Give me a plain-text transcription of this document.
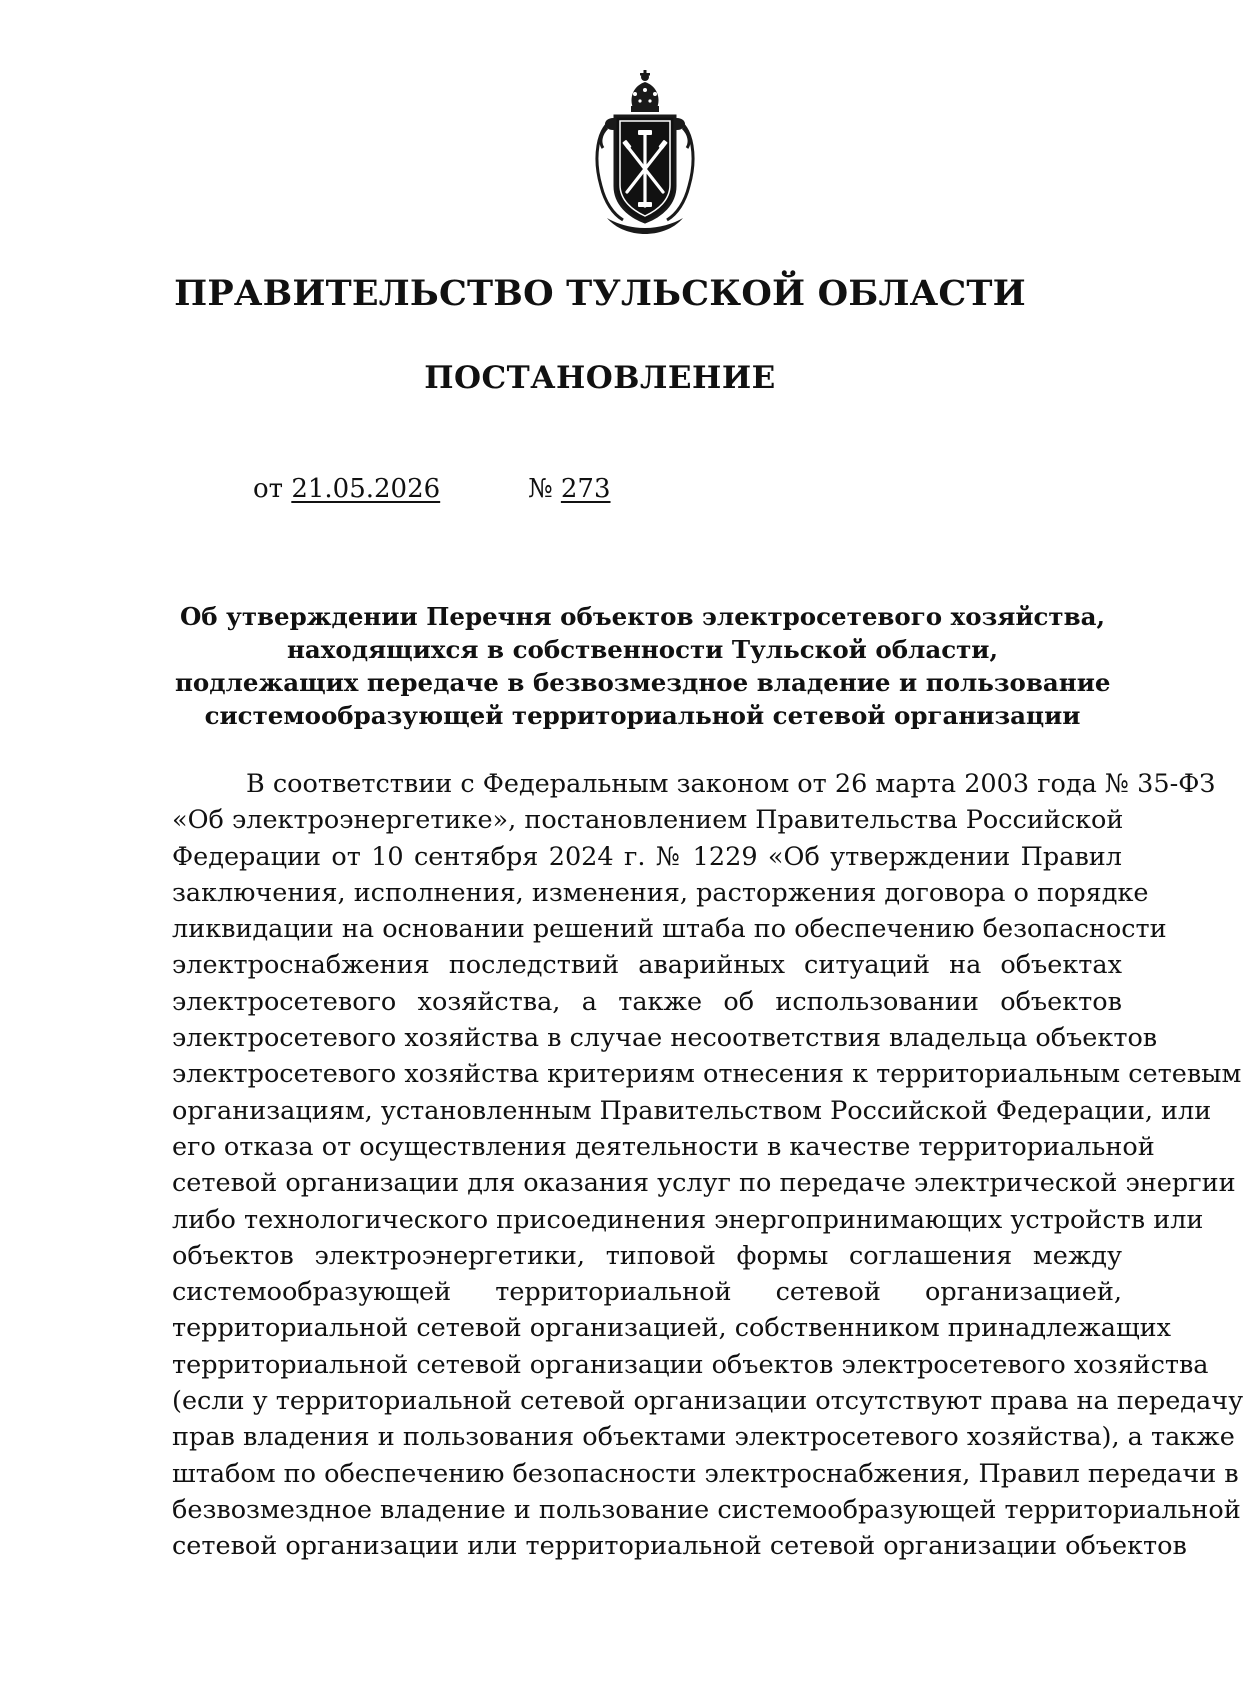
ПРАВИТЕЛЬСТВО ТУЛЬСКОЙ ОБЛАСТИ
ПОСТАНОВЛЕНИЕ
от 21.05.2026	№ 273
Об утверждении Перечня объектов электросетевого хозяйства,
находящихся в собственности Тульской области,
подлежащих передаче в безвозмездное владение и пользование
системообразующей территориальной сетевой организации
В соответствии с Федеральным законом от 26 марта 2003 года № 35-ФЗ
«Об электроэнергетике», постановлением Правительства Российской
Федерации от 10 сентября 2024 г. № 1229 «Об утверждении Правил
заключения, исполнения, изменения, расторжения договора о порядке
ликвидации на основании решений штаба по обеспечению безопасности
электроснабжения последствий аварийных ситуаций на объектах
электросетевого хозяйства, а также об использовании объектов
электросетевого хозяйства в случае несоответствия владельца объектов
электросетевого хозяйства критериям отнесения к территориальным сетевым
организациям, установленным Правительством Российской Федерации, или
его отказа от осуществления деятельности в качестве территориальной
сетевой организации для оказания услуг по передаче электрической энергии
либо технологического присоединения энергопринимающих устройств или
объектов электроэнергетики, типовой формы соглашения между
системообразующей территориальной сетевой организацией,
территориальной сетевой организацией, собственником принадлежащих
территориальной сетевой организации объектов электросетевого хозяйства
(если у территориальной сетевой организации отсутствуют права на передачу
прав владения и пользования объектами электросетевого хозяйства), а также
штабом по обеспечению безопасности электроснабжения, Правил передачи в
безвозмездное владение и пользование системообразующей территориальной
сетевой организации или территориальной сетевой организации объектов
